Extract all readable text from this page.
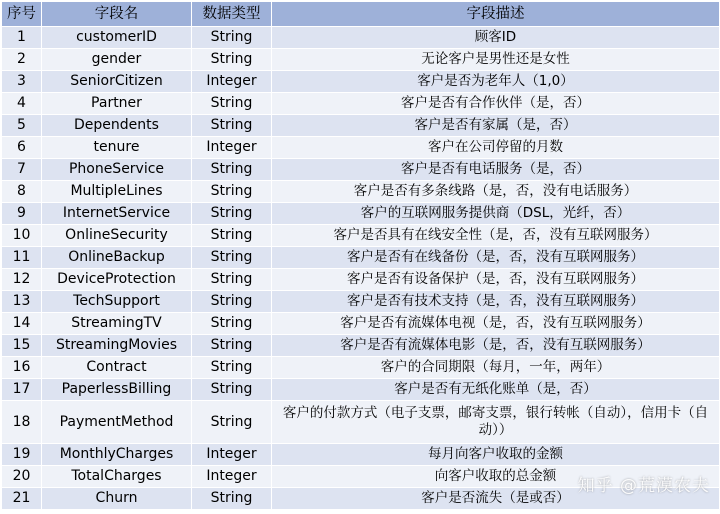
序号	字段名	数据类型	字段描述
1	customerID	String	顾客ID
2	gender	String	无论客户是男性还是女性
3	SeniorCitizen	Integer	客户是否为老年人（1,0）
4	Partner	String	客户是否有合作伙伴（是，否）
5	Dependents	String	客户是否有家属（是，否）
6	tenure	Integer	客户在公司停留的月数
7	PhoneService	String	客户是否有电话服务（是，否）
8	MultipleLines	String	客户是否有多条线路（是，否，没有电话服务）
9	InternetService	String	客户的互联网服务提供商（DSL，光纤，否）
10	OnlineSecurity	String	客户是否具有在线安全性（是，否，没有互联网服务）
11	OnlineBackup	String	客户是否有在线备份（是，否，没有互联网服务）
12	DeviceProtection	String	客户是否有设备保护（是，否，没有互联网服务）
13	TechSupport	String	客户是否有技术支持（是，否，没有互联网服务）
14	StreamingTV	String	客户是否有流媒体电视（是，否，没有互联网服务）
15	StreamingMovies	String	客户是否有流媒体电影（是，否，没有互联网服务）
16	Contract	String	客户的合同期限（每月，一年，两年）
17	PaperlessBilling	String	客户是否有无纸化账单（是，否）
18	PaymentMethod	String	客户的付款方式（电子支票，邮寄支票，银行转帐（自动），信用卡（自动））
19	MonthlyCharges	Integer	每月向客户收取的金额
20	TotalCharges	Integer	向客户收取的总金额
21	Churn	String	客户是否流失（是或否）
知乎 @荒漠农夫
